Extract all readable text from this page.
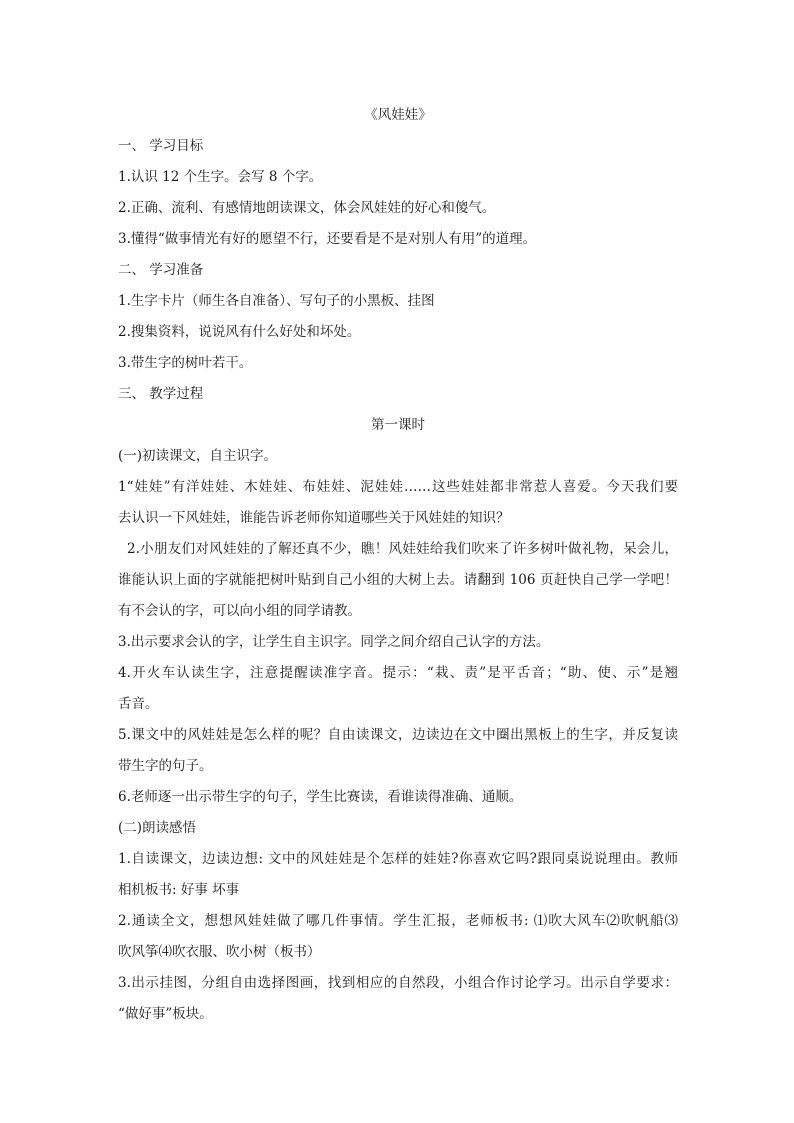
《风娃娃》
一、 学习目标
1.认识 12 个生字。会写 8 个字。
2.正确、流利、有感情地朗读课文，体会风娃娃的好心和傻气。
3.懂得“做事情光有好的愿望不行，还要看是不是对别人有用”的道理。
二、 学习准备
1.生字卡片（师生各自准备）、写句子的小黑板、挂图
2.搜集资料，说说风有什么好处和坏处。
3.带生字的树叶若干。
三、 教学过程
第一课时
(一)初读课文，自主识字。
1“娃娃”有洋娃娃、木娃娃、布娃娃、泥娃娃……这些娃娃都非常惹人喜爱。今天我们要
去认识一下风娃娃，谁能告诉老师你知道哪些关于风娃娃的知识？
2.小朋友们对风娃娃的了解还真不少，瞧！风娃娃给我们吹来了许多树叶做礼物，呆会儿，
谁能认识上面的字就能把树叶贴到自己小组的大树上去。请翻到 106 页赶快自己学一学吧！
有不会认的字，可以向小组的同学请教。
3.出示要求会认的字，让学生自主识字。同学之间介绍自己认字的方法。
4.开火车认读生字，注意提醒读准字音。提示：“栽、责”是平舌音；“助、使、示”是翘
舌音。
5.课文中的风娃娃是怎么样的呢？自由读课文，边读边在文中圈出黑板上的生字，并反复读
带生字的句子。
6.老师逐一出示带生字的句子，学生比赛读，看谁读得准确、通顺。
(二)朗读感悟
1.自读课文，边读边想: 文中的风娃娃是个怎样的娃娃?你喜欢它吗?跟同桌说说理由。教师
相机板书: 好事 坏事
2.通读全文，想想风娃娃做了哪几件事情。学生汇报，老师板书: ⑴吹大风车⑵吹帆船⑶
吹风筝⑷吹衣服、吹小树（板书）
3.出示挂图，分组自由选择图画，找到相应的自然段，小组合作讨论学习。出示自学要求：
“做好事”板块。
